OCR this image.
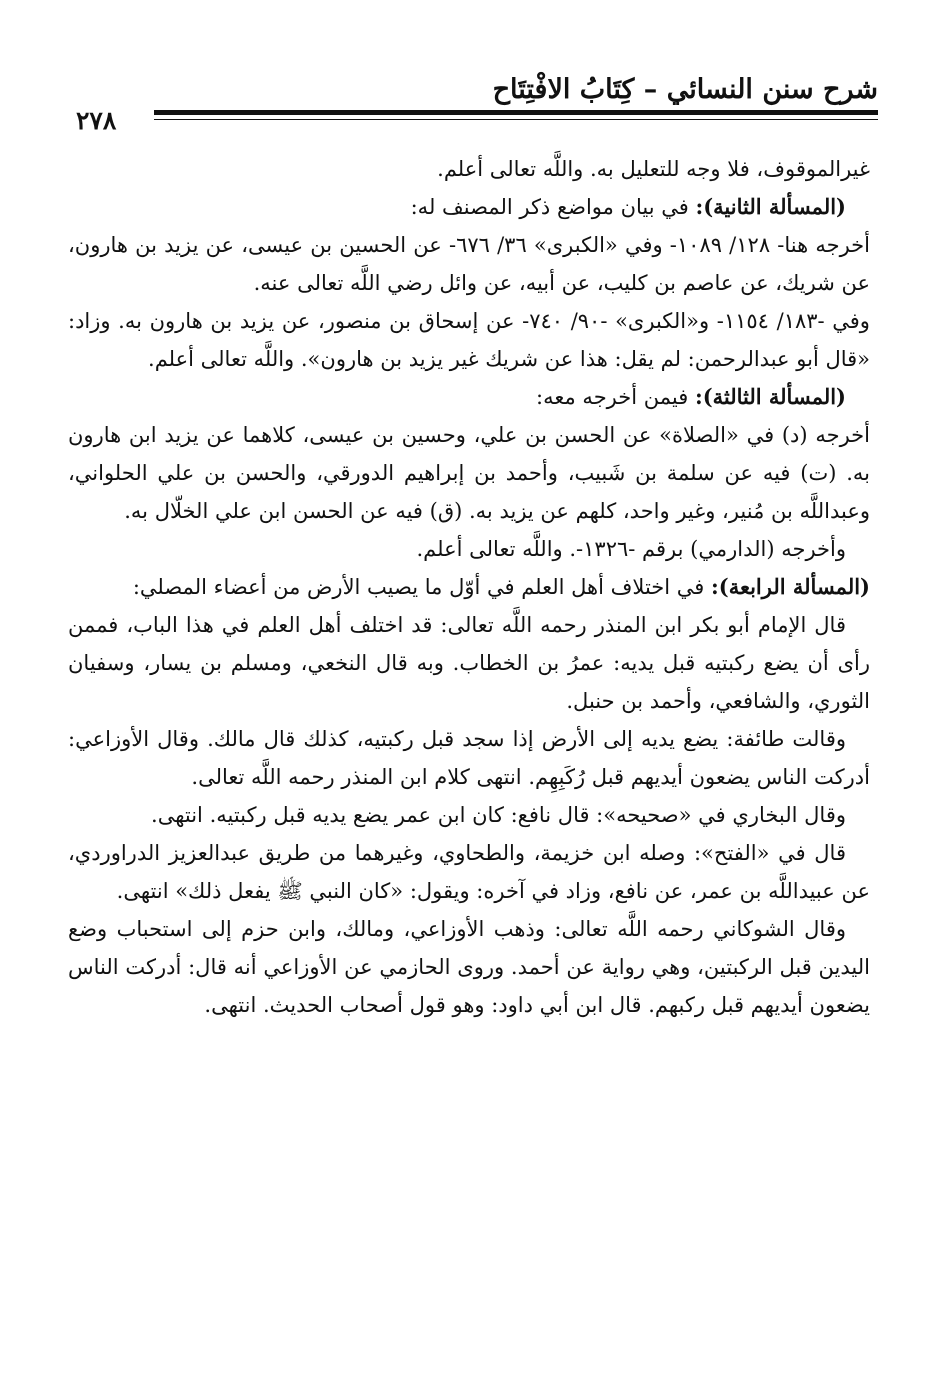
شرح سنن النسائي – كِتَابُ الافْتِتَاح
٢٧٨

غيرالموقوف، فلا وجه للتعليل به. واللَّه تعالى أعلم.

(المسألة الثانية): في بيان مواضع ذكر المصنف له:

أخرجه هنا- ١٢٨/ ١٠٨٩- وفي «الكبرى» ٣٦/ ٦٧٦- عن الحسين بن عيسى، عن يزيد بن هارون، عن شريك، عن عاصم بن كليب، عن أبيه، عن وائل رضي اللَّه تعالى عنه.

وفي -١٨٣/ ١١٥٤- و«الكبرى» -٩٠/ ٧٤٠- عن إسحاق بن منصور، عن يزيد بن هارون به. وزاد: «قال أبو عبدالرحمن: لم يقل: هذا عن شريك غير يزيد بن هارون». واللَّه تعالى أعلم.

(المسألة الثالثة): فيمن أخرجه معه:

أخرجه (د) في «الصلاة» عن الحسن بن علي، وحسين بن عيسى، كلاهما عن يزيد ابن هارون به. (ت) فيه عن سلمة بن شَبيب، وأحمد بن إبراهيم الدورقي، والحسن بن علي الحلواني، وعبداللَّه بن مُنير، وغير واحد، كلهم عن يزيد به. (ق) فيه عن الحسن ابن علي الخلّال به.

وأخرجه (الدارمي) برقم -١٣٢٦-. واللَّه تعالى أعلم.

(المسألة الرابعة): في اختلاف أهل العلم في أوّل ما يصيب الأرض من أعضاء المصلي:

قال الإمام أبو بكر ابن المنذر رحمه اللَّه تعالى: قد اختلف أهل العلم في هذا الباب، فممن رأى أن يضع ركبتيه قبل يديه: عمرُ بن الخطاب. وبه قال النخعي، ومسلم بن يسار، وسفيان الثوري، والشافعي، وأحمد بن حنبل.

وقالت طائفة: يضع يديه إلى الأرض إذا سجد قبل ركبتيه، كذلك قال مالك. وقال الأوزاعي: أدركت الناس يضعون أيديهم قبل رُكَبِهِم. انتهى كلام ابن المنذر رحمه اللَّه تعالى.

وقال البخاري في «صحيحه»: قال نافع: كان ابن عمر يضع يديه قبل ركبتيه. انتهى.

قال في «الفتح»: وصله ابن خزيمة، والطحاوي، وغيرهما من طريق عبدالعزيز الدراوردي، عن عبيداللَّه بن عمر، عن نافع، وزاد في آخره: ويقول: «كان النبي ﷺ يفعل ذلك» انتهى.

وقال الشوكاني رحمه اللَّه تعالى: وذهب الأوزاعي، ومالك، وابن حزم إلى استحباب وضع اليدين قبل الركبتين، وهي رواية عن أحمد. وروى الحازمي عن الأوزاعي أنه قال: أدركت الناس يضعون أيديهم قبل ركبهم. قال ابن أبي داود: وهو قول أصحاب الحديث. انتهى.
